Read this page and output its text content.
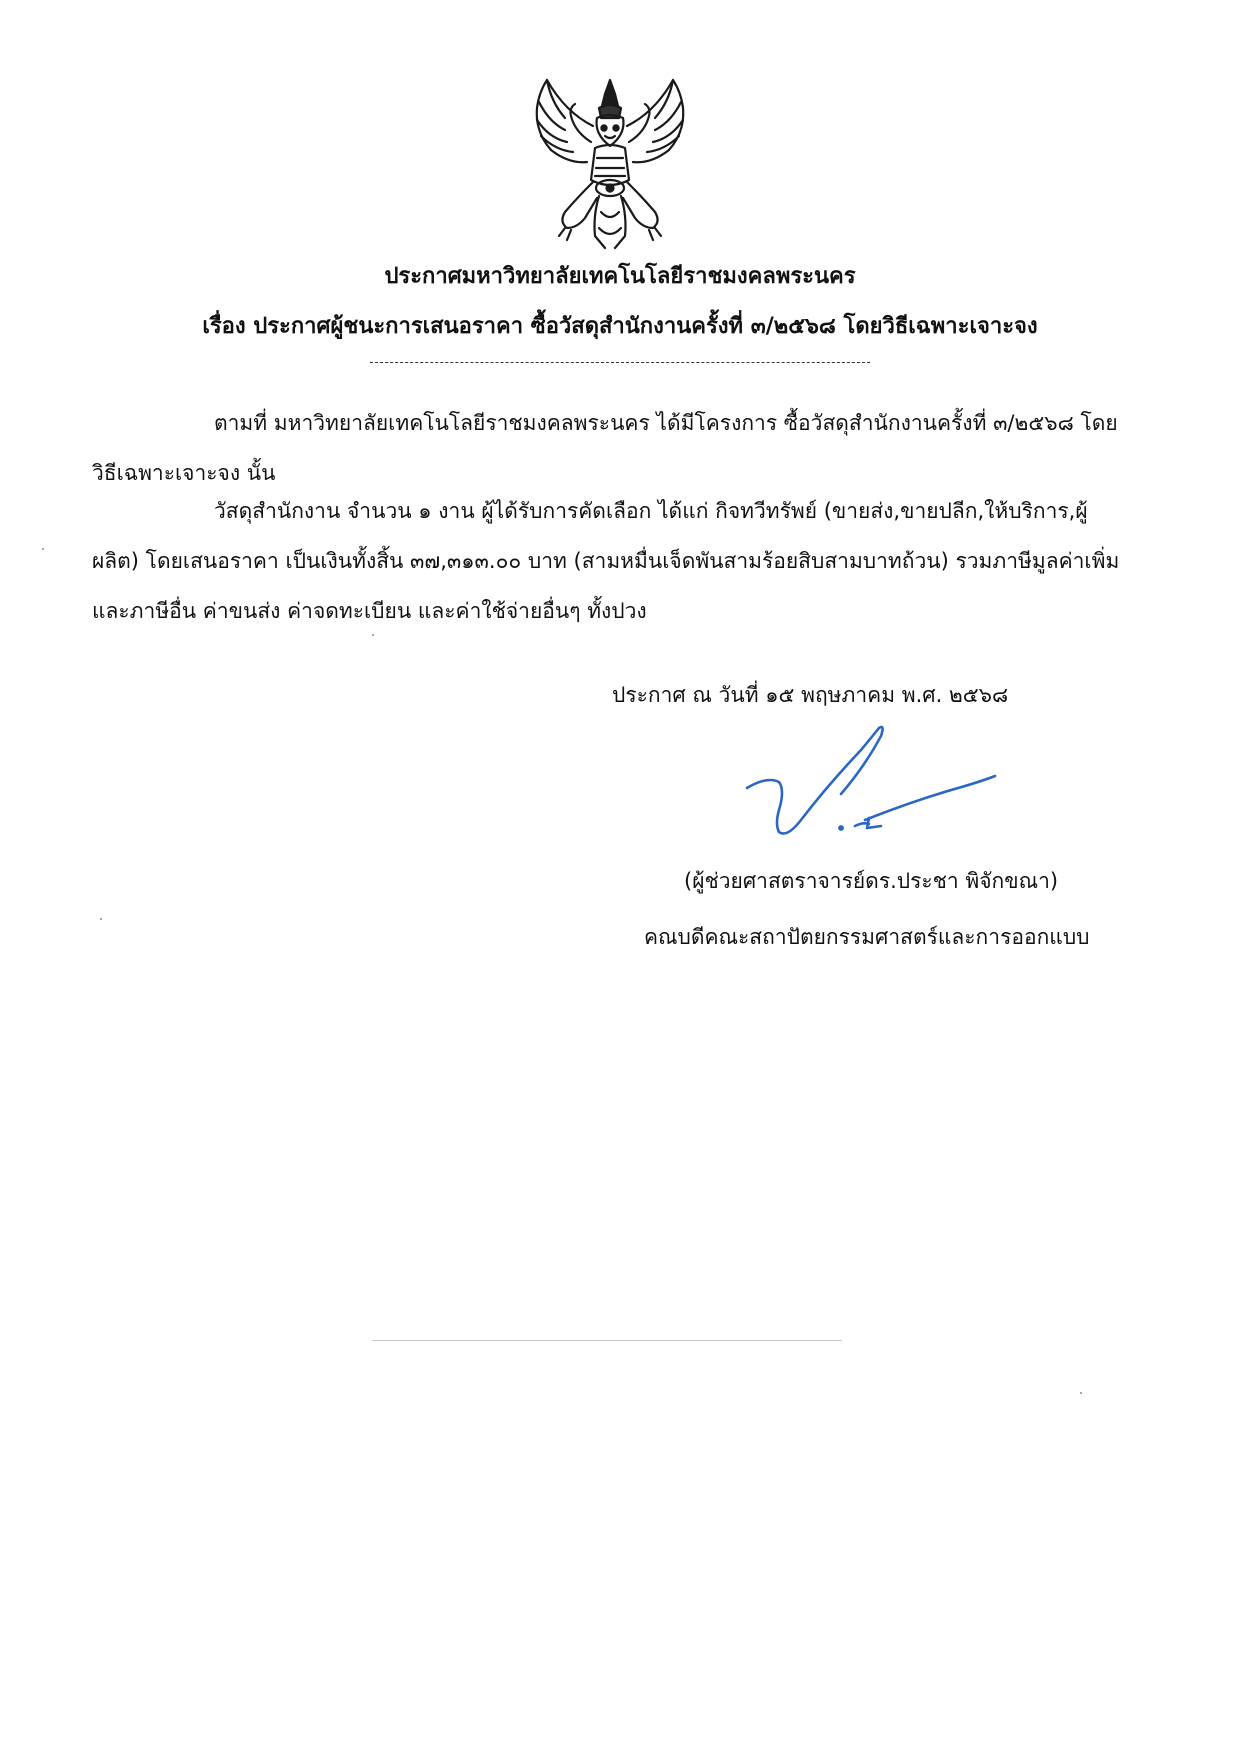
ประกาศมหาวิทยาลัยเทคโนโลยีราชมงคลพระนคร
เรื่อง ประกาศผู้ชนะการเสนอราคา ซื้อวัสดุสำนักงานครั้งที่ ๓/๒๕๖๘ โดยวิธีเฉพาะเจาะจง

ตามที่ มหาวิทยาลัยเทคโนโลยีราชมงคลพระนคร ได้มีโครงการ ซื้อวัสดุสำนักงานครั้งที่ ๓/๒๕๖๘ โดยวิธีเฉพาะเจาะจง นั้น

วัสดุสำนักงาน จำนวน ๑ งาน ผู้ได้รับการคัดเลือก ได้แก่ กิจทวีทรัพย์ (ขายส่ง,ขายปลีก,ให้บริการ,ผู้ผลิต) โดยเสนอราคา เป็นเงินทั้งสิ้น ๓๗,๓๑๓.๐๐ บาท (สามหมื่นเจ็ดพันสามร้อยสิบสามบาทถ้วน) รวมภาษีมูลค่าเพิ่มและภาษีอื่น ค่าขนส่ง ค่าจดทะเบียน และค่าใช้จ่ายอื่นๆ ทั้งปวง

ประกาศ ณ วันที่ ๑๕ พฤษภาคม พ.ศ. ๒๕๖๘
(ผู้ช่วยศาสตราจารย์ดร.ประชา พิจักขณา)
คณบดีคณะสถาปัตยกรรมศาสตร์และการออกแบบ
